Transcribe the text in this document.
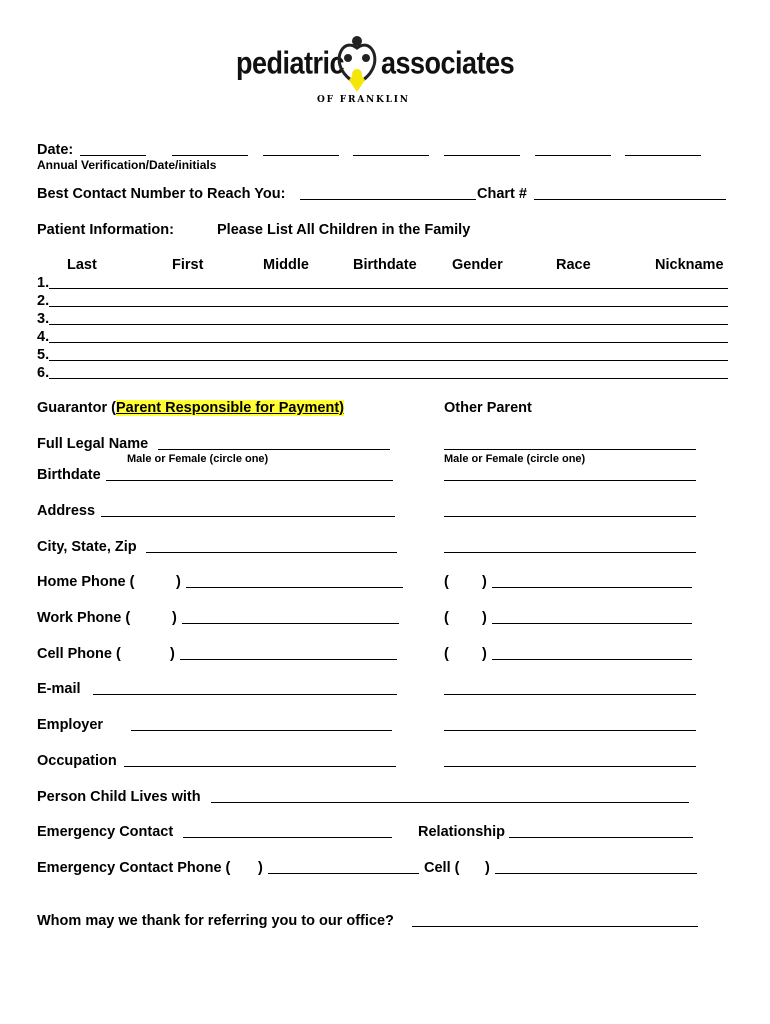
pediatric associates
OF FRANKLIN
Date:
Annual Verification/Date/initials
Best Contact Number to Reach You:	Chart #
Patient Information:	Please List All Children in the Family
Last	First	Middle	Birthdate Gender	Race	Nickname
1.
2.
3.
4.
5.
6.
Guarantor (Parent Responsible for Payment)	Other Parent
Full Legal Name
Male or Female (circle one)	Male or Female (circle one)
Birthdate
Address
City, State, Zip
Home Phone (	)	( )
Work Phone (	)	( )
Cell Phone (	)	( )
E-mail
Employer
Occupation
Person Child Lives with
Emergency Contact	Relationship
Emergency Contact Phone ( )	Cell ( )
Whom may we thank for referring you to our office?
